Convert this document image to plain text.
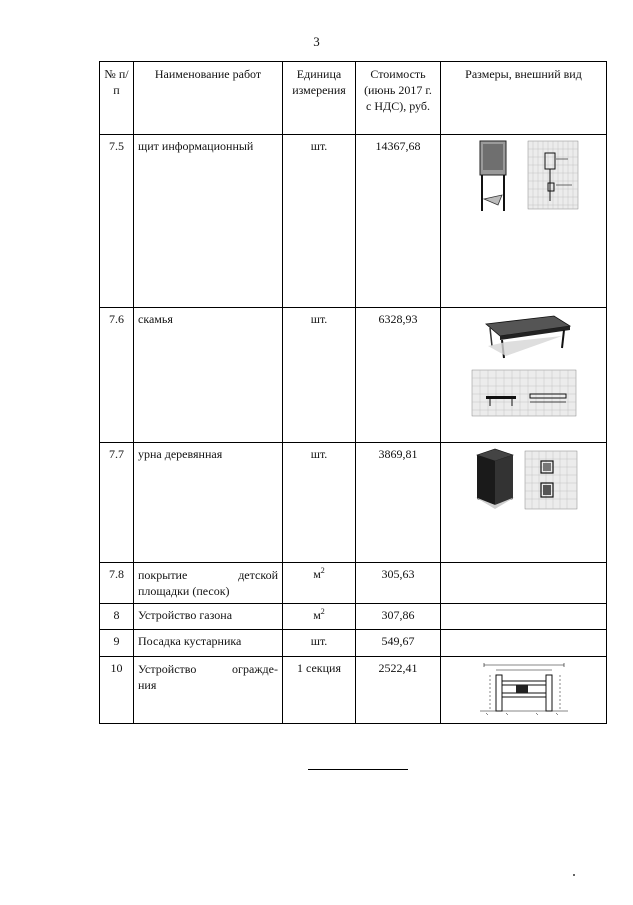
3
№ п/п	Наименование работ	Единица измерения	Стоимость (июнь 2017 г. с НДС), руб.	Размеры, внешний вид
7.5	щит информационный	шт.	14367,68	

7.6	скамья	шт.	6328,93	

7.7	урна деревянная	шт.	3869,81	

7.8	покрытие детской
площадки (песок)	$м^2$	305,63	
8	Устройство газона	$м^2$	307,86	
9	Посадка кустарника	шт.	549,67	
10	Устройство огражде-
ния	1 секция	2522,41	
